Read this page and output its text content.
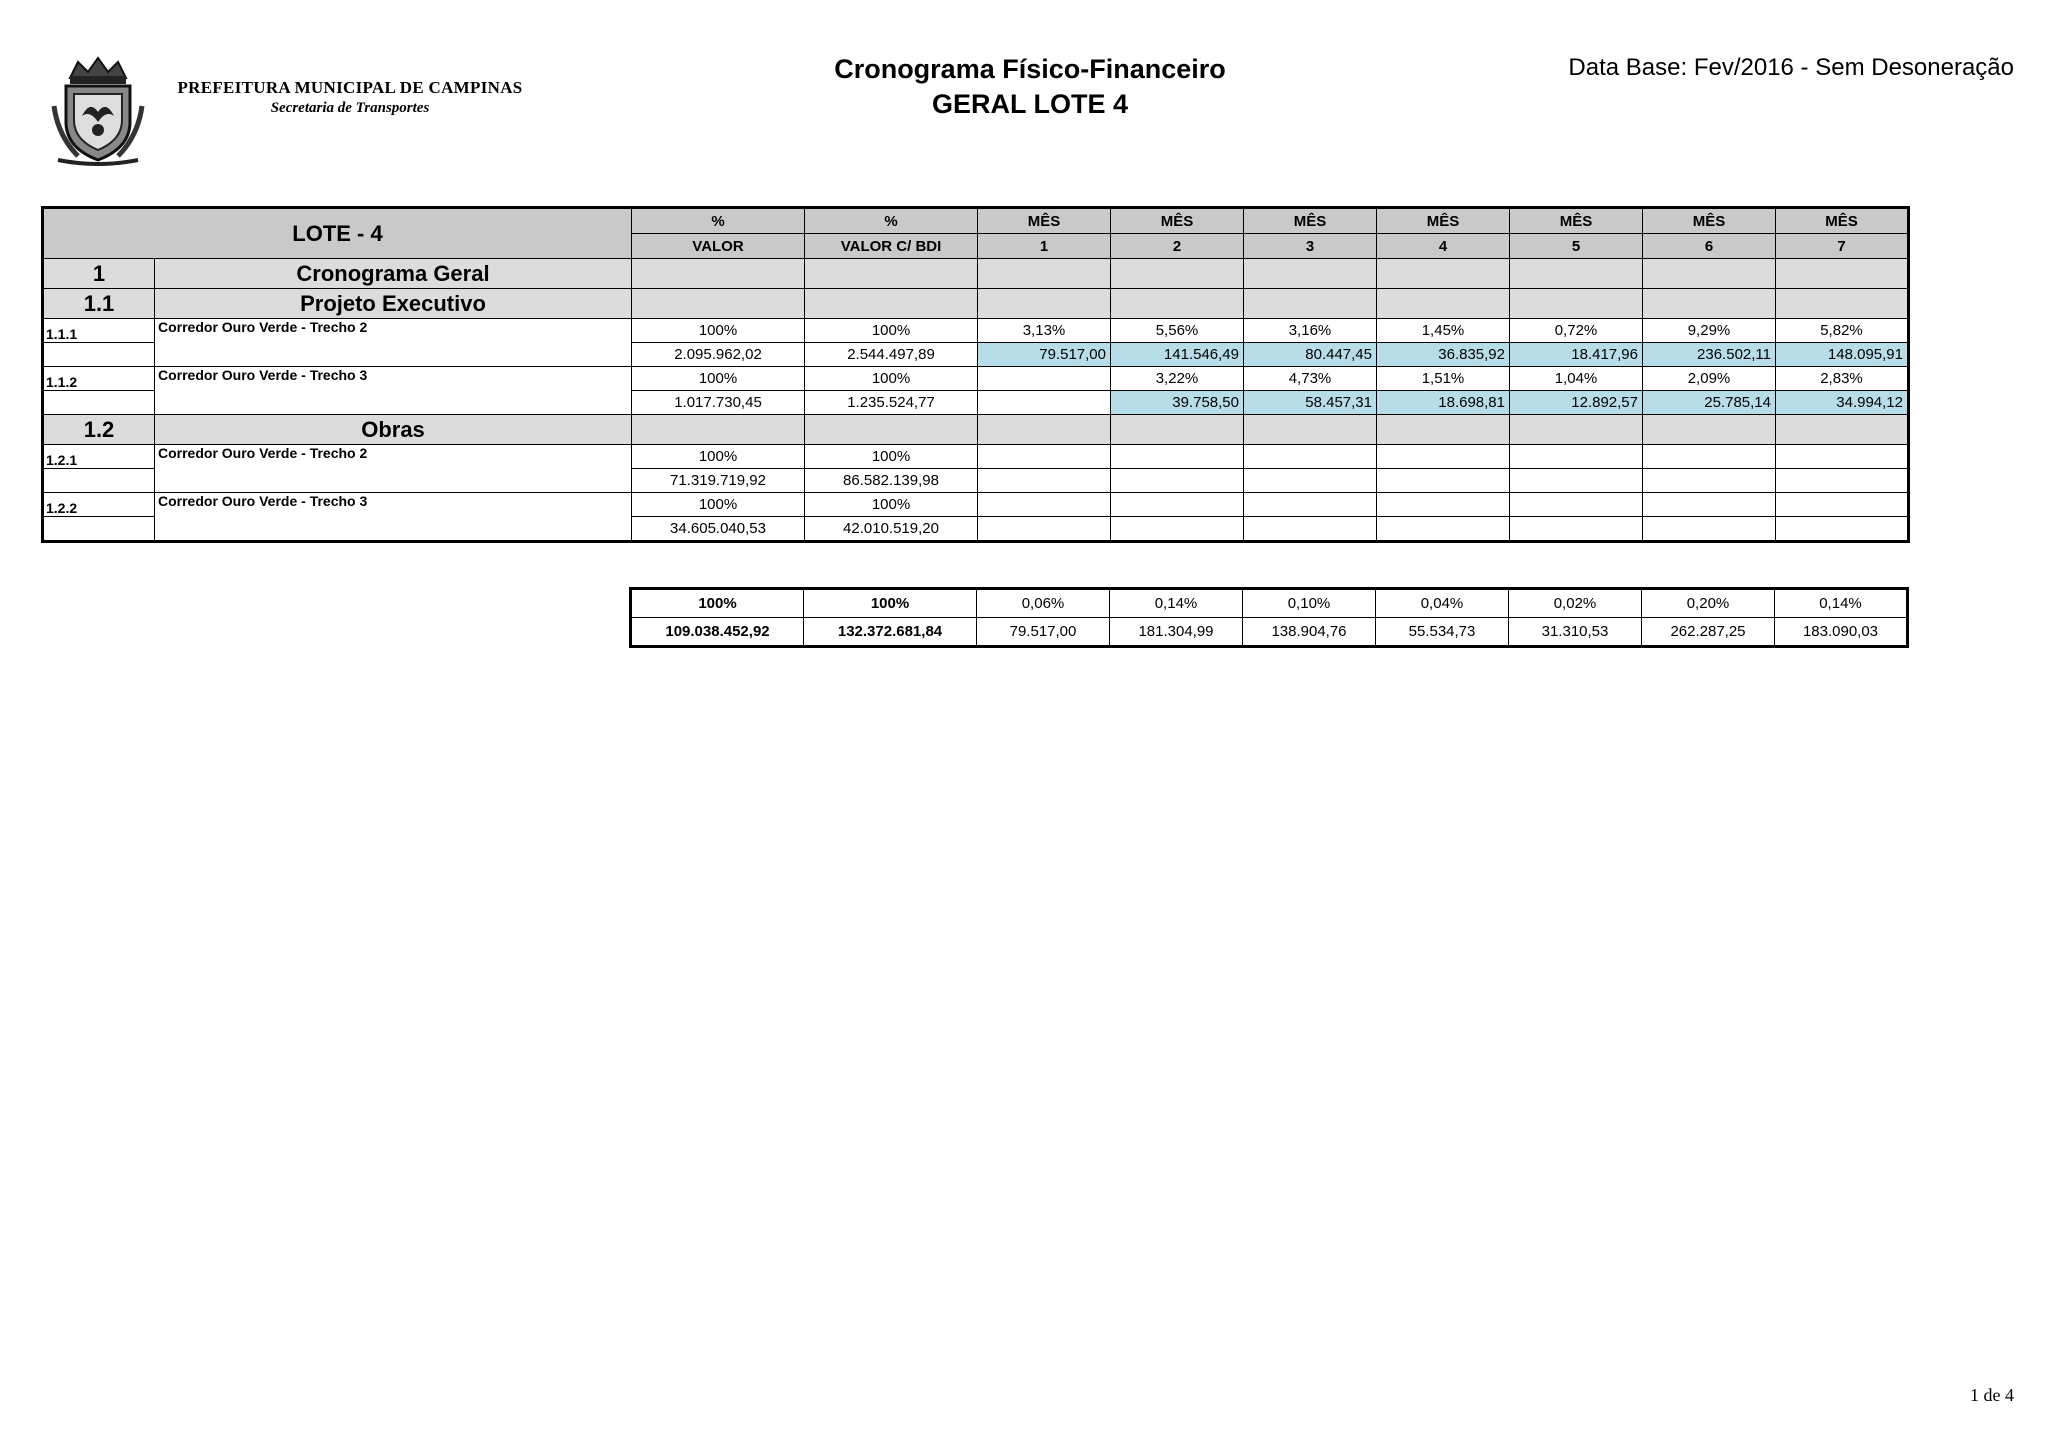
PREFEITURA MUNICIPAL DE CAMPINAS
Secretaria de Transportes
Cronograma Físico-Financeiro
GERAL LOTE 4
Data Base: Fev/2016 - Sem Desoneração
LOTE - 4		%	%	MÊS	MÊS	MÊS	MÊS	MÊS	MÊS	MÊS
		VALOR	VALOR C/ BDI	1	2	3	4	5	6	7
1	Cronograma Geral									
1.1	Projeto Executivo									
1.1.1	Corredor Ouro Verde - Trecho 2	100%	100%	3,13%	5,56%	3,16%	1,45%	0,72%	9,29%	5,82%
		2.095.962,02	2.544.497,89	79.517,00	141.546,49	80.447,45	36.835,92	18.417,96	236.502,11	148.095,91
1.1.2	Corredor Ouro Verde - Trecho 3	100%	100%		3,22%	4,73%	1,51%	1,04%	2,09%	2,83%
		1.017.730,45	1.235.524,77		39.758,50	58.457,31	18.698,81	12.892,57	25.785,14	34.994,12
1.2	Obras									
1.2.1	Corredor Ouro Verde - Trecho 2	100%	100%							
		71.319.719,92	86.582.139,98							
1.2.2	Corredor Ouro Verde - Trecho 3	100%	100%							
		34.605.040,53	42.010.519,20							
100%	100%	0,06%	0,14%	0,10%	0,04%	0,02%	0,20%	0,14%
109.038.452,92	132.372.681,84	79.517,00	181.304,99	138.904,76	55.534,73	31.310,53	262.287,25	183.090,03
1 de 4
